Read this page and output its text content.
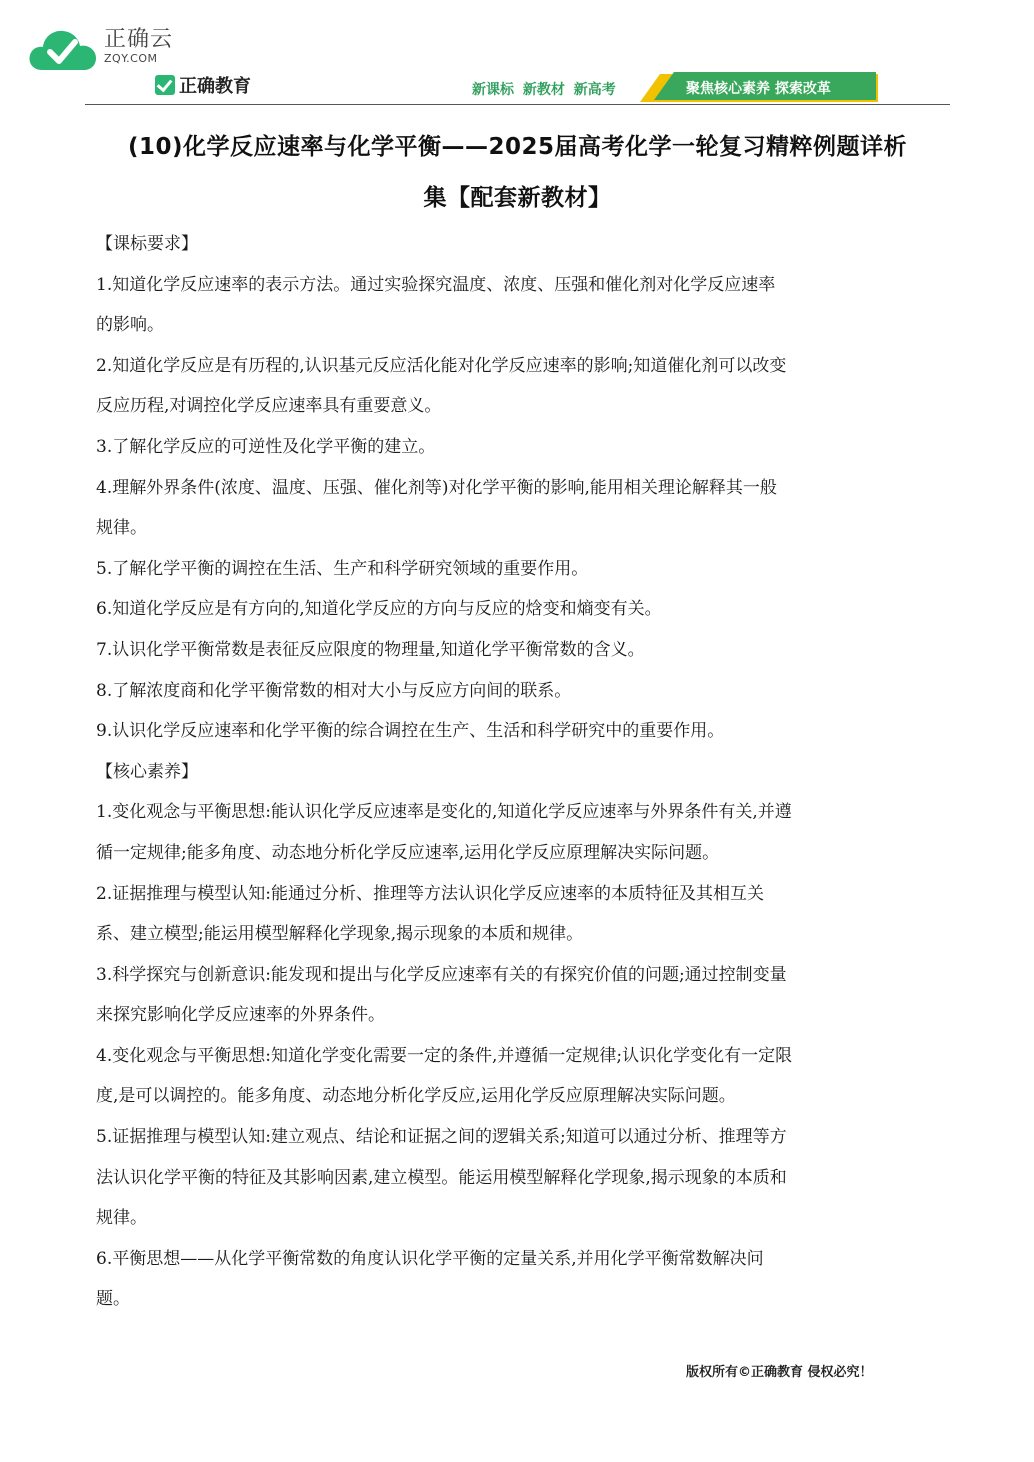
正确云
ZQY.COM
正确教育	新课标 新教材 新高考	聚焦核心素养 探索改革
(10)化学反应速率与化学平衡——2025届高考化学一轮复习精粹例题详析
集【配套新教材】
【课标要求】
1.知道化学反应速率的表示方法。通过实验探究温度、浓度、压强和催化剂对化学反应速率
的影响。
2.知道化学反应是有历程的,认识基元反应活化能对化学反应速率的影响;知道催化剂可以改变
反应历程,对调控化学反应速率具有重要意义。
3.了解化学反应的可逆性及化学平衡的建立。
4.理解外界条件(浓度、温度、压强、催化剂等)对化学平衡的影响,能用相关理论解释其一般
规律。
5.了解化学平衡的调控在生活、生产和科学研究领域的重要作用。
6.知道化学反应是有方向的,知道化学反应的方向与反应的焓变和熵变有关。
7.认识化学平衡常数是表征反应限度的物理量,知道化学平衡常数的含义。
8.了解浓度商和化学平衡常数的相对大小与反应方向间的联系。
9.认识化学反应速率和化学平衡的综合调控在生产、生活和科学研究中的重要作用。
【核心素养】
1.变化观念与平衡思想:能认识化学反应速率是变化的,知道化学反应速率与外界条件有关,并遵
循一定规律;能多角度、动态地分析化学反应速率,运用化学反应原理解决实际问题。
2.证据推理与模型认知:能通过分析、推理等方法认识化学反应速率的本质特征及其相互关
系、建立模型;能运用模型解释化学现象,揭示现象的本质和规律。
3.科学探究与创新意识:能发现和提出与化学反应速率有关的有探究价值的问题;通过控制变量
来探究影响化学反应速率的外界条件。
4.变化观念与平衡思想:知道化学变化需要一定的条件,并遵循一定规律;认识化学变化有一定限
度,是可以调控的。能多角度、动态地分析化学反应,运用化学反应原理解决实际问题。
5.证据推理与模型认知:建立观点、结论和证据之间的逻辑关系;知道可以通过分析、推理等方
法认识化学平衡的特征及其影响因素,建立模型。能运用模型解释化学现象,揭示现象的本质和
规律。
6.平衡思想——从化学平衡常数的角度认识化学平衡的定量关系,并用化学平衡常数解决问
题。
版权所有©正确教育 侵权必究！
